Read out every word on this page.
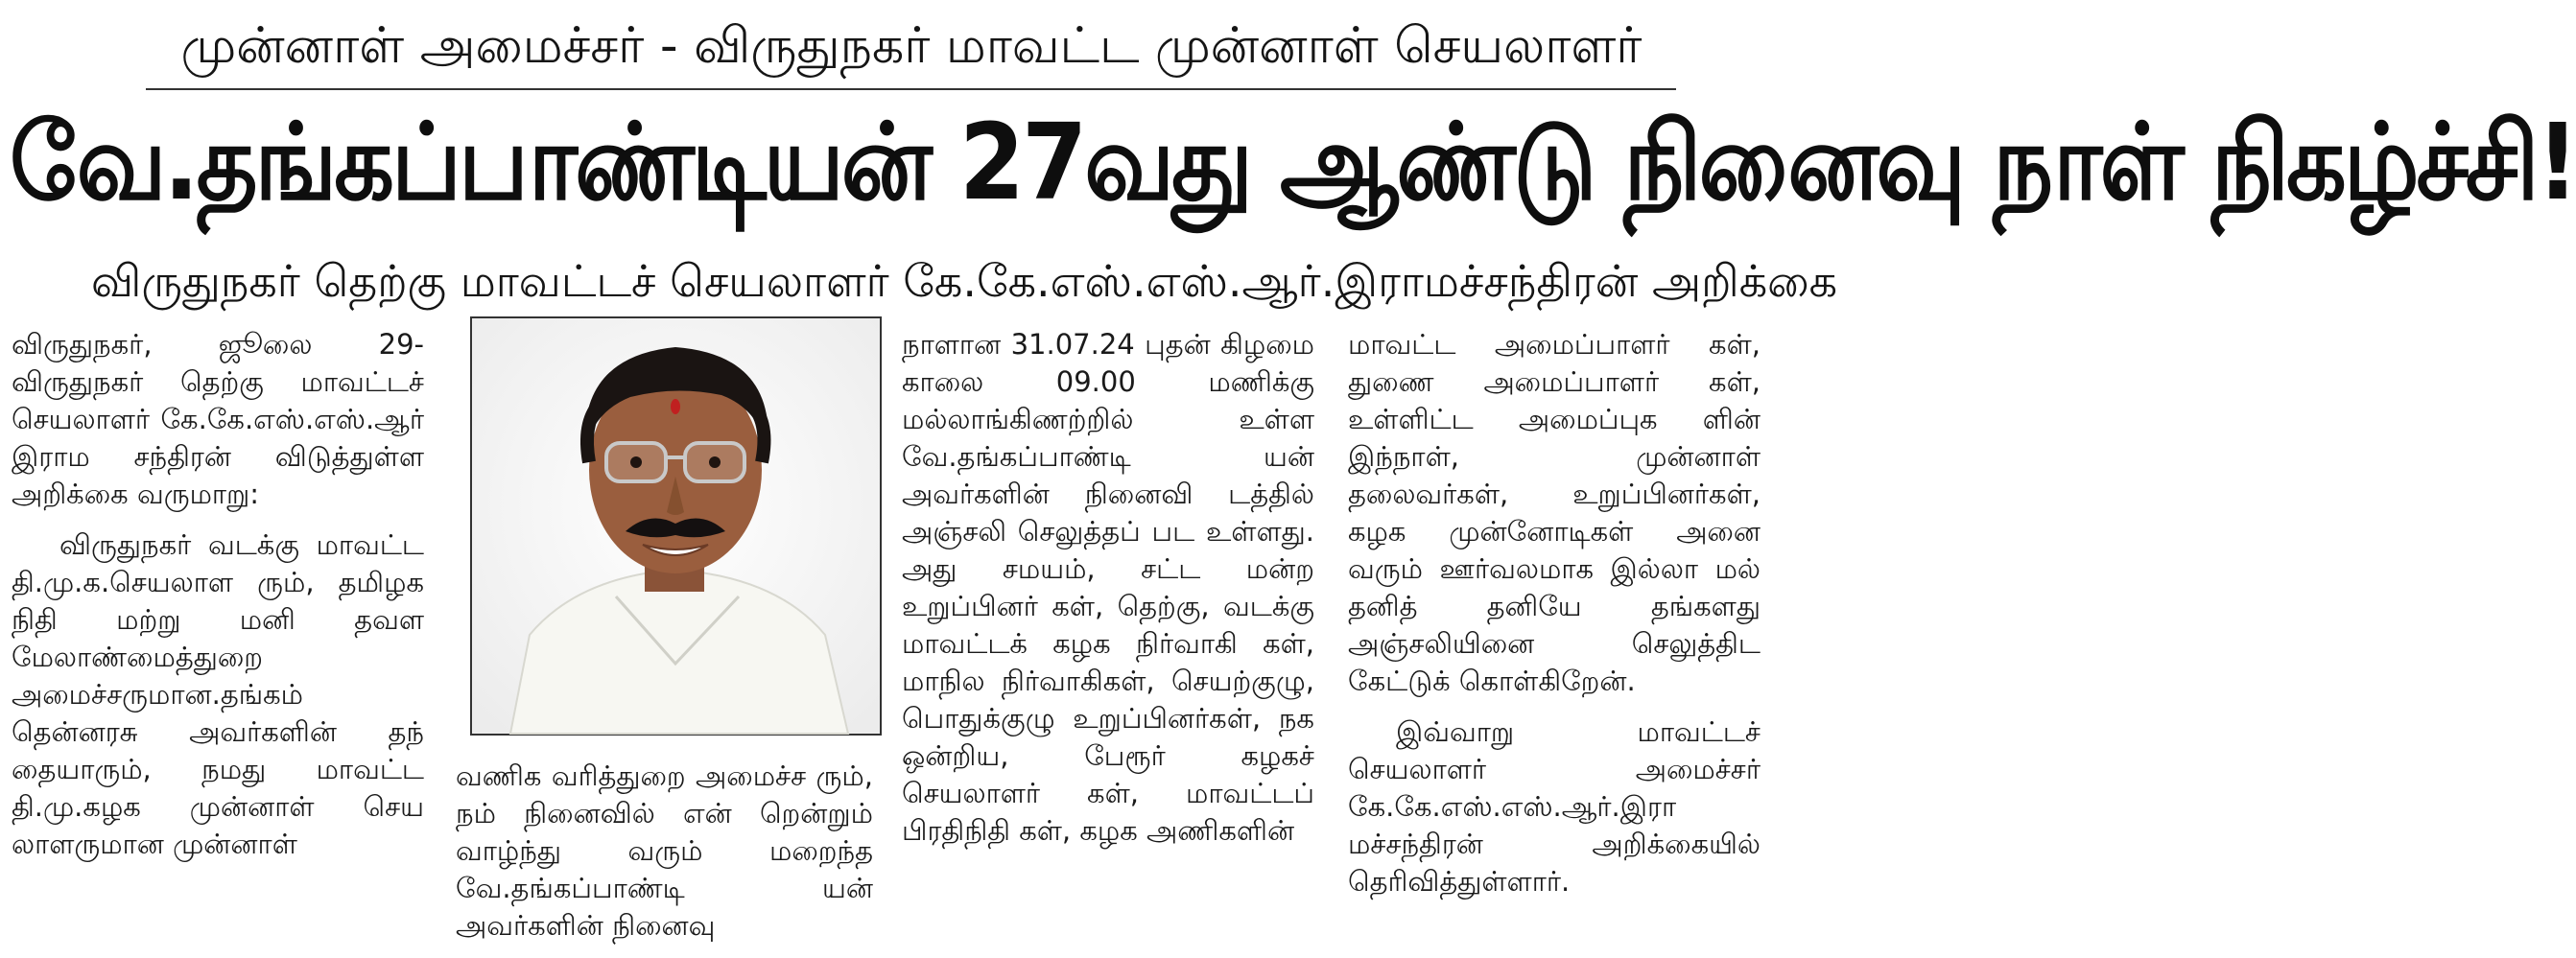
முன்னாள் அமைச்சர் - விருதுநகர் மாவட்ட முன்னாள் செயலாளர்
வே.தங்கப்பாண்டியன் 27வது ஆண்டு நினைவு நாள் நிகழ்ச்சி!
விருதுநகர் தெற்கு மாவட்டச் செயலாளர் கே.கே.எஸ்.எஸ்.ஆர்.இராமச்சந்திரன் அறிக்கை

விருதுநகர், ஜூலை 29- விருதுநகர் தெற்கு மாவட்டச் செயலாளர் கே.கே.எஸ்.எஸ்.ஆர் இராம சந்திரன் விடுத்துள்ள அறிக்கை வருமாறு:

விருதுநகர் வடக்கு மாவட்ட தி.மு.க.செயலாள ரும், தமிழக நிதி மற்று மனி தவள மேலாண்மைத்துறை அமைச்சருமான.தங்கம் தென்னரசு அவர்களின் தந் தையாரும், நமது மாவட்ட தி.மு.கழக முன்னாள் செய லாளருமான முன்னாள்

வணிக வரித்துறை அமைச்ச ரும், நம் நினைவில் என் றென்றும் வாழ்ந்து வரும் மறைந்த வே.தங்கப்பாண்டி யன் அவர்களின் நினைவு

நாளான 31.07.24 புதன் கிழமை காலை 09.00 மணிக்கு மல்லாங்கிணற்றில் உள்ள வே.தங்கப்பாண்டி யன் அவர்களின் நினைவி டத்தில் அஞ்சலி செலுத்தப் பட உள்ளது. அது சமயம், சட்ட மன்ற உறுப்பினர் கள், தெற்கு, வடக்கு மாவட்டக் கழக நிர்வாகி கள், மாநில நிர்வாகிகள், செயற்குழு, பொதுக்குழு உறுப்பினர்கள், நக ஒன்றிய, பேரூர் கழகச் செயலாளர் கள், மாவட்டப் பிரதிநிதி கள், கழக அணிகளின்

மாவட்ட அமைப்பாளர் கள், துணை அமைப்பாளர் கள், உள்ளிட்ட அமைப்புக ளின் இந்நாள், முன்னாள் தலைவர்கள், உறுப்பினர்கள், கழக முன்னோடிகள் அனை வரும் ஊர்வலமாக இல்லா மல் தனித் தனியே தங்களது அஞ்சலியினை செலுத்திட கேட்டுக் கொள்கிறேன்.

இவ்வாறு மாவட்டச் செயலாளர் அமைச்சர் கே.கே.எஸ்.எஸ்.ஆர்.இரா மச்சந்திரன் அறிக்கையில் தெரிவித்துள்ளார்.
